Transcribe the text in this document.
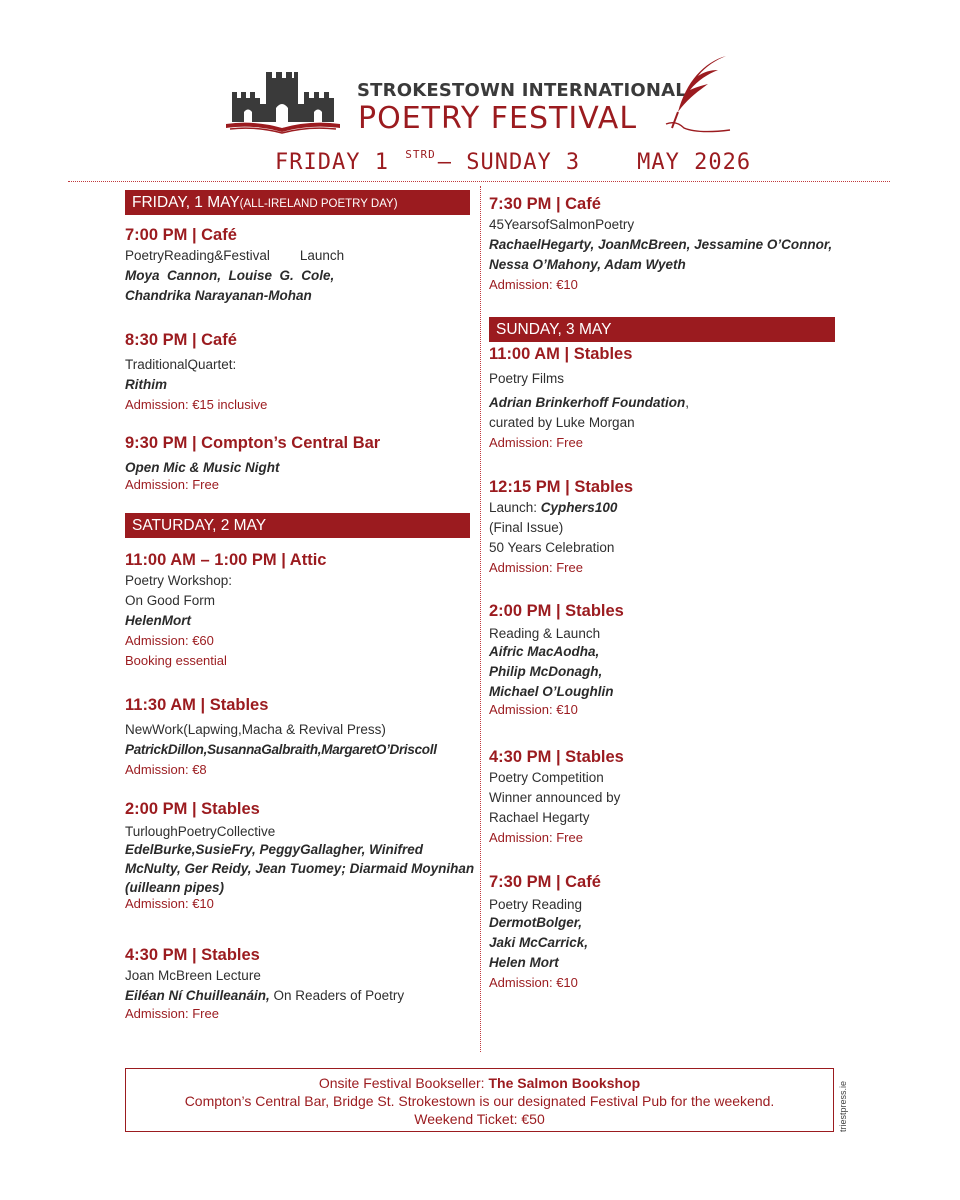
STROKESTOWN INTERNATIONAL
POETRY FESTIVAL
FRIDAY 1 $^{STRD}$– SUNDAY 3	MAY 2026
FRIDAY, 1 MAY(ALL-IRELAND POETRY DAY)
7:00 PM | Café
PoetryReading&Festival        Launch
Moya  Cannon,  Louise  G.  Cole,
Chandrika Narayanan-Mohan
8:30 PM | Café
TraditionalQuartet:
Rithim
Admission: €15 inclusive
9:30 PM | Compton’s Central Bar
Open Mic & Music Night
Admission: Free
SATURDAY, 2 MAY
11:00 AM – 1:00 PM | Attic
Poetry Workshop:
On Good Form
HelenMort
Admission: €60
Booking essential
11:30 AM | Stables
NewWork(Lapwing,Macha & Revival Press)
PatrickDillon,SusannaGalbraith,MargaretO’Driscoll
Admission: €8
2:00 PM | Stables
TurloughPoetryCollective
EdelBurke,SusieFry, PeggyGallagher, Winifred
McNulty, Ger Reidy, Jean Tuomey; Diarmaid Moynihan
(uilleann pipes)
Admission: €10
4:30 PM | Stables
Joan McBreen Lecture
Eiléan Ní Chuilleanáin, On Readers of Poetry
Admission: Free
7:30 PM | Café
45YearsofSalmonPoetry
RachaelHegarty, JoanMcBreen, Jessamine O’Connor,
Nessa O’Mahony, Adam Wyeth
Admission: €10
SUNDAY, 3 MAY
11:00 AM | Stables
Poetry Films
Adrian Brinkerhoff Foundation,
curated by Luke Morgan
Admission: Free
12:15 PM | Stables
Launch: Cyphers100
(Final Issue)
50 Years Celebration
Admission: Free
2:00 PM | Stables
Reading & Launch
Aifric MacAodha,
Philip McDonagh,
Michael O’Loughlin
Admission: €10
4:30 PM | Stables
Poetry Competition
Winner announced by
Rachael Hegarty
Admission: Free
7:30 PM | Café
Poetry Reading
DermotBolger,
Jaki McCarrick,
Helen Mort
Admission: €10
Onsite Festival Bookseller: The Salmon Bookshop
Compton’s Central Bar, Bridge St. Strokestown is our designated Festival Pub for the weekend.
Weekend Ticket: €50	triestpress.ie
